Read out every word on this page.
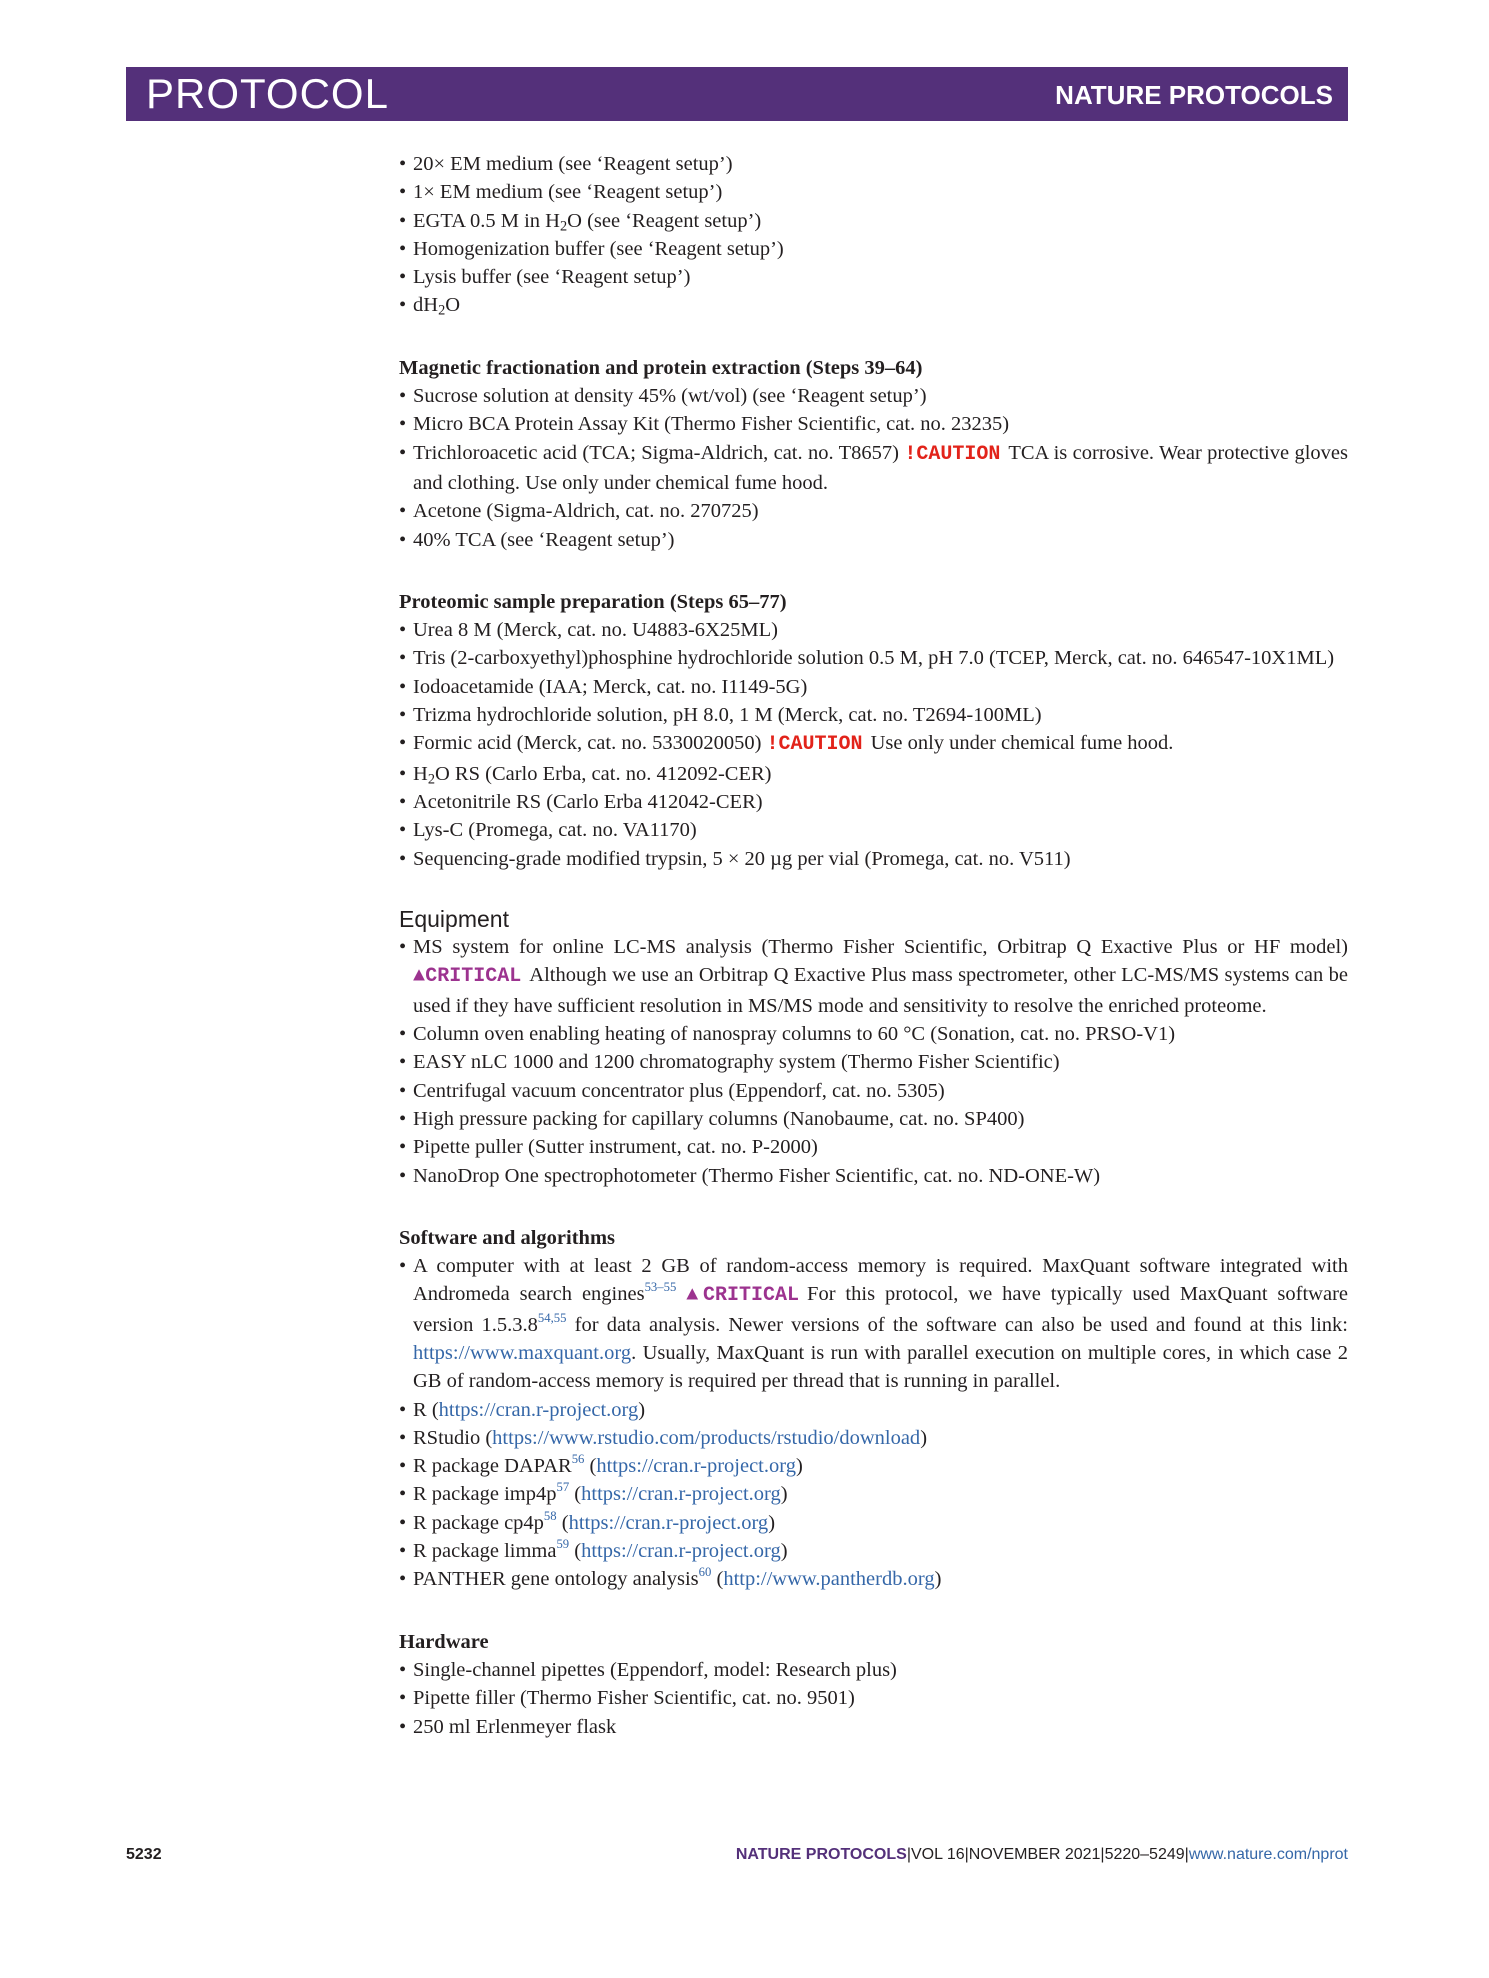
PROTOCOL	NATURE PROTOCOLS
• 20× EM medium (see ‘Reagent setup’)
• 1× EM medium (see ‘Reagent setup’)
• EGTA 0.5 M in $H_2O$ (see ‘Reagent setup’)
• Homogenization buffer (see ‘Reagent setup’)
• Lysis buffer (see ‘Reagent setup’)
• $dH_2O$
Magnetic fractionation and protein extraction (Steps 39–64)
• Sucrose solution at density 45% (wt/vol) (see ‘Reagent setup’)
• Micro BCA Protein Assay Kit (Thermo Fisher Scientific, cat. no. 23235)
• Trichloroacetic acid (TCA; Sigma-Aldrich, cat. no. T8657) !CAUTION TCA is corrosive. Wear protective gloves and clothing. Use only under chemical fume hood.
• Acetone (Sigma-Aldrich, cat. no. 270725)
• 40% TCA (see ‘Reagent setup’)
Proteomic sample preparation (Steps 65–77)
• Urea 8 M (Merck, cat. no. U4883-6X25ML)
• Tris (2-carboxyethyl)phosphine hydrochloride solution 0.5 M, pH 7.0 (TCEP, Merck, cat. no. 646547-10X1ML)
• Iodoacetamide (IAA; Merck, cat. no. I1149-5G)
• Trizma hydrochloride solution, pH 8.0, 1 M (Merck, cat. no. T2694-100ML)
• Formic acid (Merck, cat. no. 5330020050) !CAUTION Use only under chemical fume hood.
• $H_2O$ RS (Carlo Erba, cat. no. 412092-CER)
• Acetonitrile RS (Carlo Erba 412042-CER)
• Lys-C (Promega, cat. no. VA1170)
• Sequencing-grade modified trypsin, 5 × 20 µg per vial (Promega, cat. no. V511)
Equipment
• MS system for online LC-MS analysis (Thermo Fisher Scientific, Orbitrap Q Exactive Plus or HF model) ▲CRITICAL Although we use an Orbitrap Q Exactive Plus mass spectrometer, other LC-MS/MS systems can be used if they have sufficient resolution in MS/MS mode and sensitivity to resolve the enriched proteome.
• Column oven enabling heating of nanospray columns to 60 °C (Sonation, cat. no. PRSO-V1)
• EASY nLC 1000 and 1200 chromatography system (Thermo Fisher Scientific)
• Centrifugal vacuum concentrator plus (Eppendorf, cat. no. 5305)
• High pressure packing for capillary columns (Nanobaume, cat. no. SP400)
• Pipette puller (Sutter instrument, cat. no. P-2000)
• NanoDrop One spectrophotometer (Thermo Fisher Scientific, cat. no. ND-ONE-W)
Software and algorithms
• A computer with at least 2 GB of random-access memory is required. MaxQuant software integrated with Andromeda search engines$^{53-55}$ ▲CRITICAL For this protocol, we have typically used MaxQuant software version 1.5.3.8$^{54,55}$ for data analysis. Newer versions of the software can also be used and found at this link: https://www.maxquant.org. Usually, MaxQuant is run with parallel execution on multiple cores, in which case 2 GB of random-access memory is required per thread that is running in parallel.
• R (https://cran.r-project.org)
• RStudio (https://www.rstudio.com/products/rstudio/download)
• R package DAPAR$^{56}$ (https://cran.r-project.org)
• R package $imp4p^{57}$ (https://cran.r-project.org)
• R package $cp4p^{58}$ (https://cran.r-project.org)
• R package limma$^{59}$ (https://cran.r-project.org)
• PANTHER gene ontology analysis$^{60}$ (http://www.pantherdb.org)
Hardware
• Single-channel pipettes (Eppendorf, model: Research plus)
• Pipette filler (Thermo Fisher Scientific, cat. no. 9501)
• 250 ml Erlenmeyer flask
5232	NATURE PROTOCOLS|VOL 16|NOVEMBER 2021|5220–5249|www.nature.com/nprot
